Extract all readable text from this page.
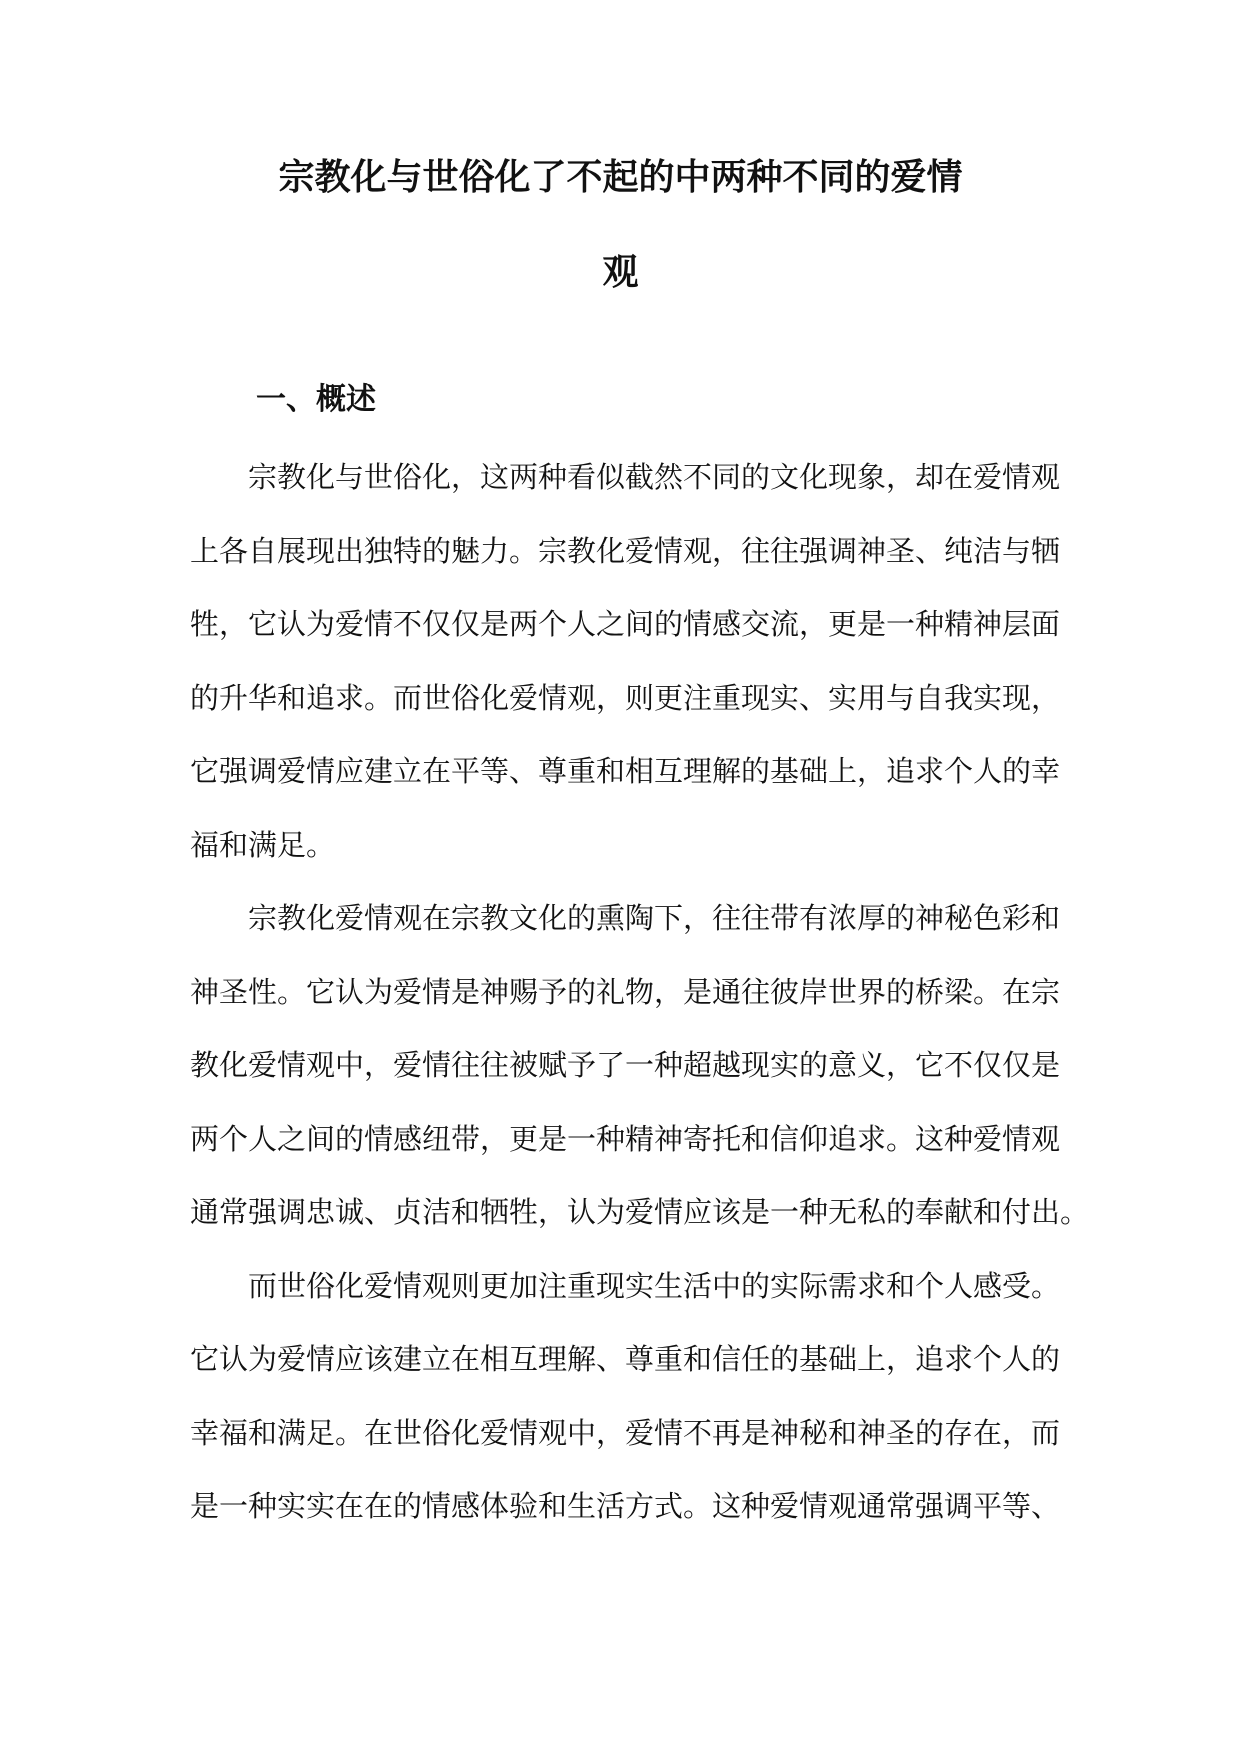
宗教化与世俗化了不起的中两种不同的爱情
观
一、概述

宗教化与世俗化，这两种看似截然不同的文化现象，却在爱情观
上各自展现出独特的魅力。宗教化爱情观，往往强调神圣、纯洁与牺
牲，它认为爱情不仅仅是两个人之间的情感交流，更是一种精神层面
的升华和追求。而世俗化爱情观，则更注重现实、实用与自我实现，
它强调爱情应建立在平等、尊重和相互理解的基础上，追求个人的幸
福和满足。

宗教化爱情观在宗教文化的熏陶下，往往带有浓厚的神秘色彩和
神圣性。它认为爱情是神赐予的礼物，是通往彼岸世界的桥梁。在宗
教化爱情观中，爱情往往被赋予了一种超越现实的意义，它不仅仅是
两个人之间的情感纽带，更是一种精神寄托和信仰追求。这种爱情观
通常强调忠诚、贞洁和牺牲，认为爱情应该是一种无私的奉献和付出。

而世俗化爱情观则更加注重现实生活中的实际需求和个人感受。
它认为爱情应该建立在相互理解、尊重和信任的基础上，追求个人的
幸福和满足。在世俗化爱情观中，爱情不再是神秘和神圣的存在，而
是一种实实在在的情感体验和生活方式。这种爱情观通常强调平等、
